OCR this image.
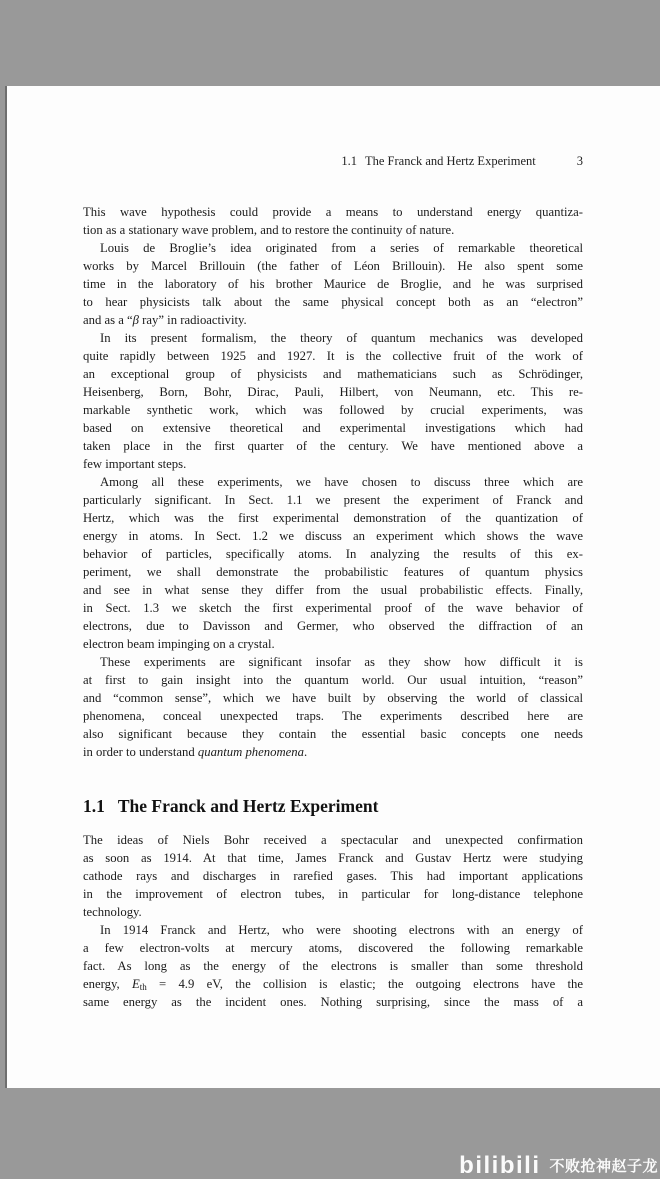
1.1 The Franck and Hertz Experiment	3
This wave hypothesis could provide a means to understand energy quantiza-
tion as a stationary wave problem, and to restore the continuity of nature.
Louis de Broglie’s idea originated from a series of remarkable theoretical
works by Marcel Brillouin (the father of Léon Brillouin). He also spent some
time in the laboratory of his brother Maurice de Broglie, and he was surprised
to hear physicists talk about the same physical concept both as an “electron”
and as a “β ray” in radioactivity.
In its present formalism, the theory of quantum mechanics was developed
quite rapidly between 1925 and 1927. It is the collective fruit of the work of
an exceptional group of physicists and mathematicians such as Schrödinger,
Heisenberg, Born, Bohr, Dirac, Pauli, Hilbert, von Neumann, etc. This re-
markable synthetic work, which was followed by crucial experiments, was
based on extensive theoretical and experimental investigations which had
taken place in the first quarter of the century. We have mentioned above a
few important steps.
Among all these experiments, we have chosen to discuss three which are
particularly significant. In Sect. 1.1 we present the experiment of Franck and
Hertz, which was the first experimental demonstration of the quantization of
energy in atoms. In Sect. 1.2 we discuss an experiment which shows the wave
behavior of particles, specifically atoms. In analyzing the results of this ex-
periment, we shall demonstrate the probabilistic features of quantum physics
and see in what sense they differ from the usual probabilistic effects. Finally,
in Sect. 1.3 we sketch the first experimental proof of the wave behavior of
electrons, due to Davisson and Germer, who observed the diffraction of an
electron beam impinging on a crystal.
These experiments are significant insofar as they show how difficult it is
at first to gain insight into the quantum world. Our usual intuition, “reason”
and “common sense”, which we have built by observing the world of classical
phenomena, conceal unexpected traps. The experiments described here are
also significant because they contain the essential basic concepts one needs
in order to understand quantum phenomena.
1.1 The Franck and Hertz Experiment
The ideas of Niels Bohr received a spectacular and unexpected confirmation
as soon as 1914. At that time, James Franck and Gustav Hertz were studying
cathode rays and discharges in rarefied gases. This had important applications
in the improvement of electron tubes, in particular for long-distance telephone
technology.
In 1914 Franck and Hertz, who were shooting electrons with an energy of
a few electron-volts at mercury atoms, discovered the following remarkable
fact. As long as the energy of the electrons is smaller than some threshold
energy, $E_{th} = 4.9$ eV, the collision is elastic; the outgoing electrons have the
same energy as the incident ones. Nothing surprising, since the mass of a
bilibili 不败抢神赵子龙
